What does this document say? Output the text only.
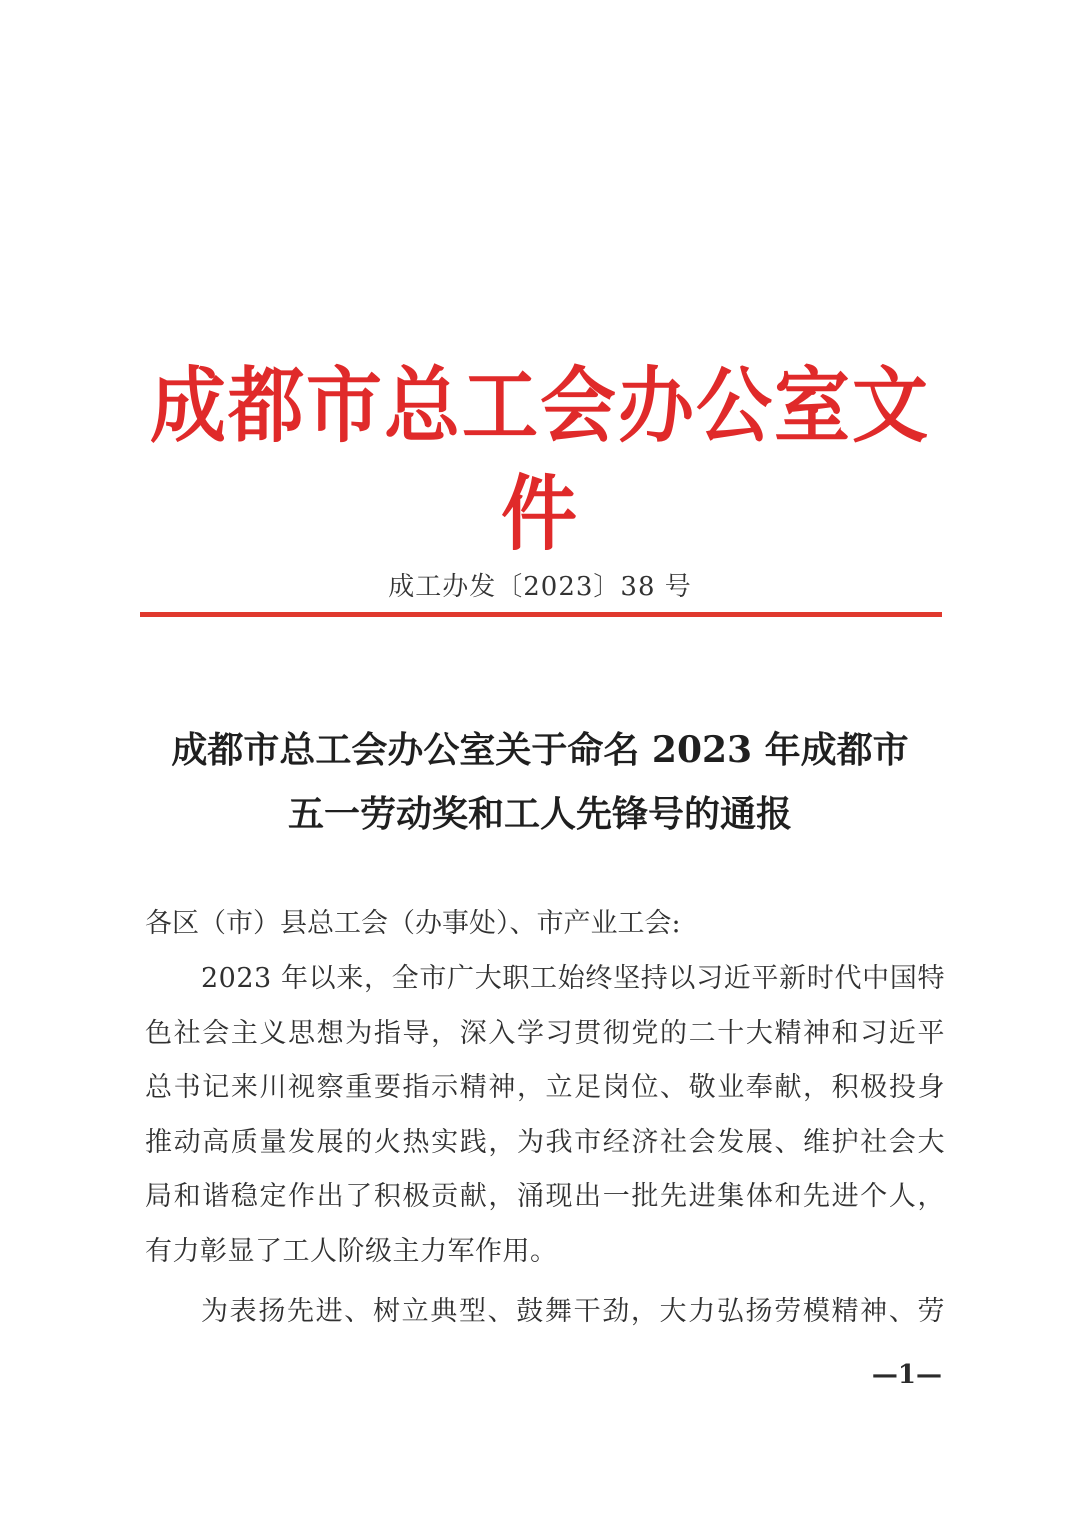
成都市总工会办公室文件
成工办发〔2023〕38 号
成都市总工会办公室关于命名 2023 年成都市
五一劳动奖和工人先锋号的通报
各区（市）县总工会（办事处）、市产业工会:
2023 年以来，全市广大职工始终坚持以习近平新时代中国特
色社会主义思想为指导，深入学习贯彻党的二十大精神和习近平
总书记来川视察重要指示精神，立足岗位、敬业奉献，积极投身
推动高质量发展的火热实践，为我市经济社会发展、维护社会大
局和谐稳定作出了积极贡献，涌现出一批先进集体和先进个人，
有力彰显了工人阶级主力军作用。
为表扬先进、树立典型、鼓舞干劲，大力弘扬劳模精神、劳
—1—
